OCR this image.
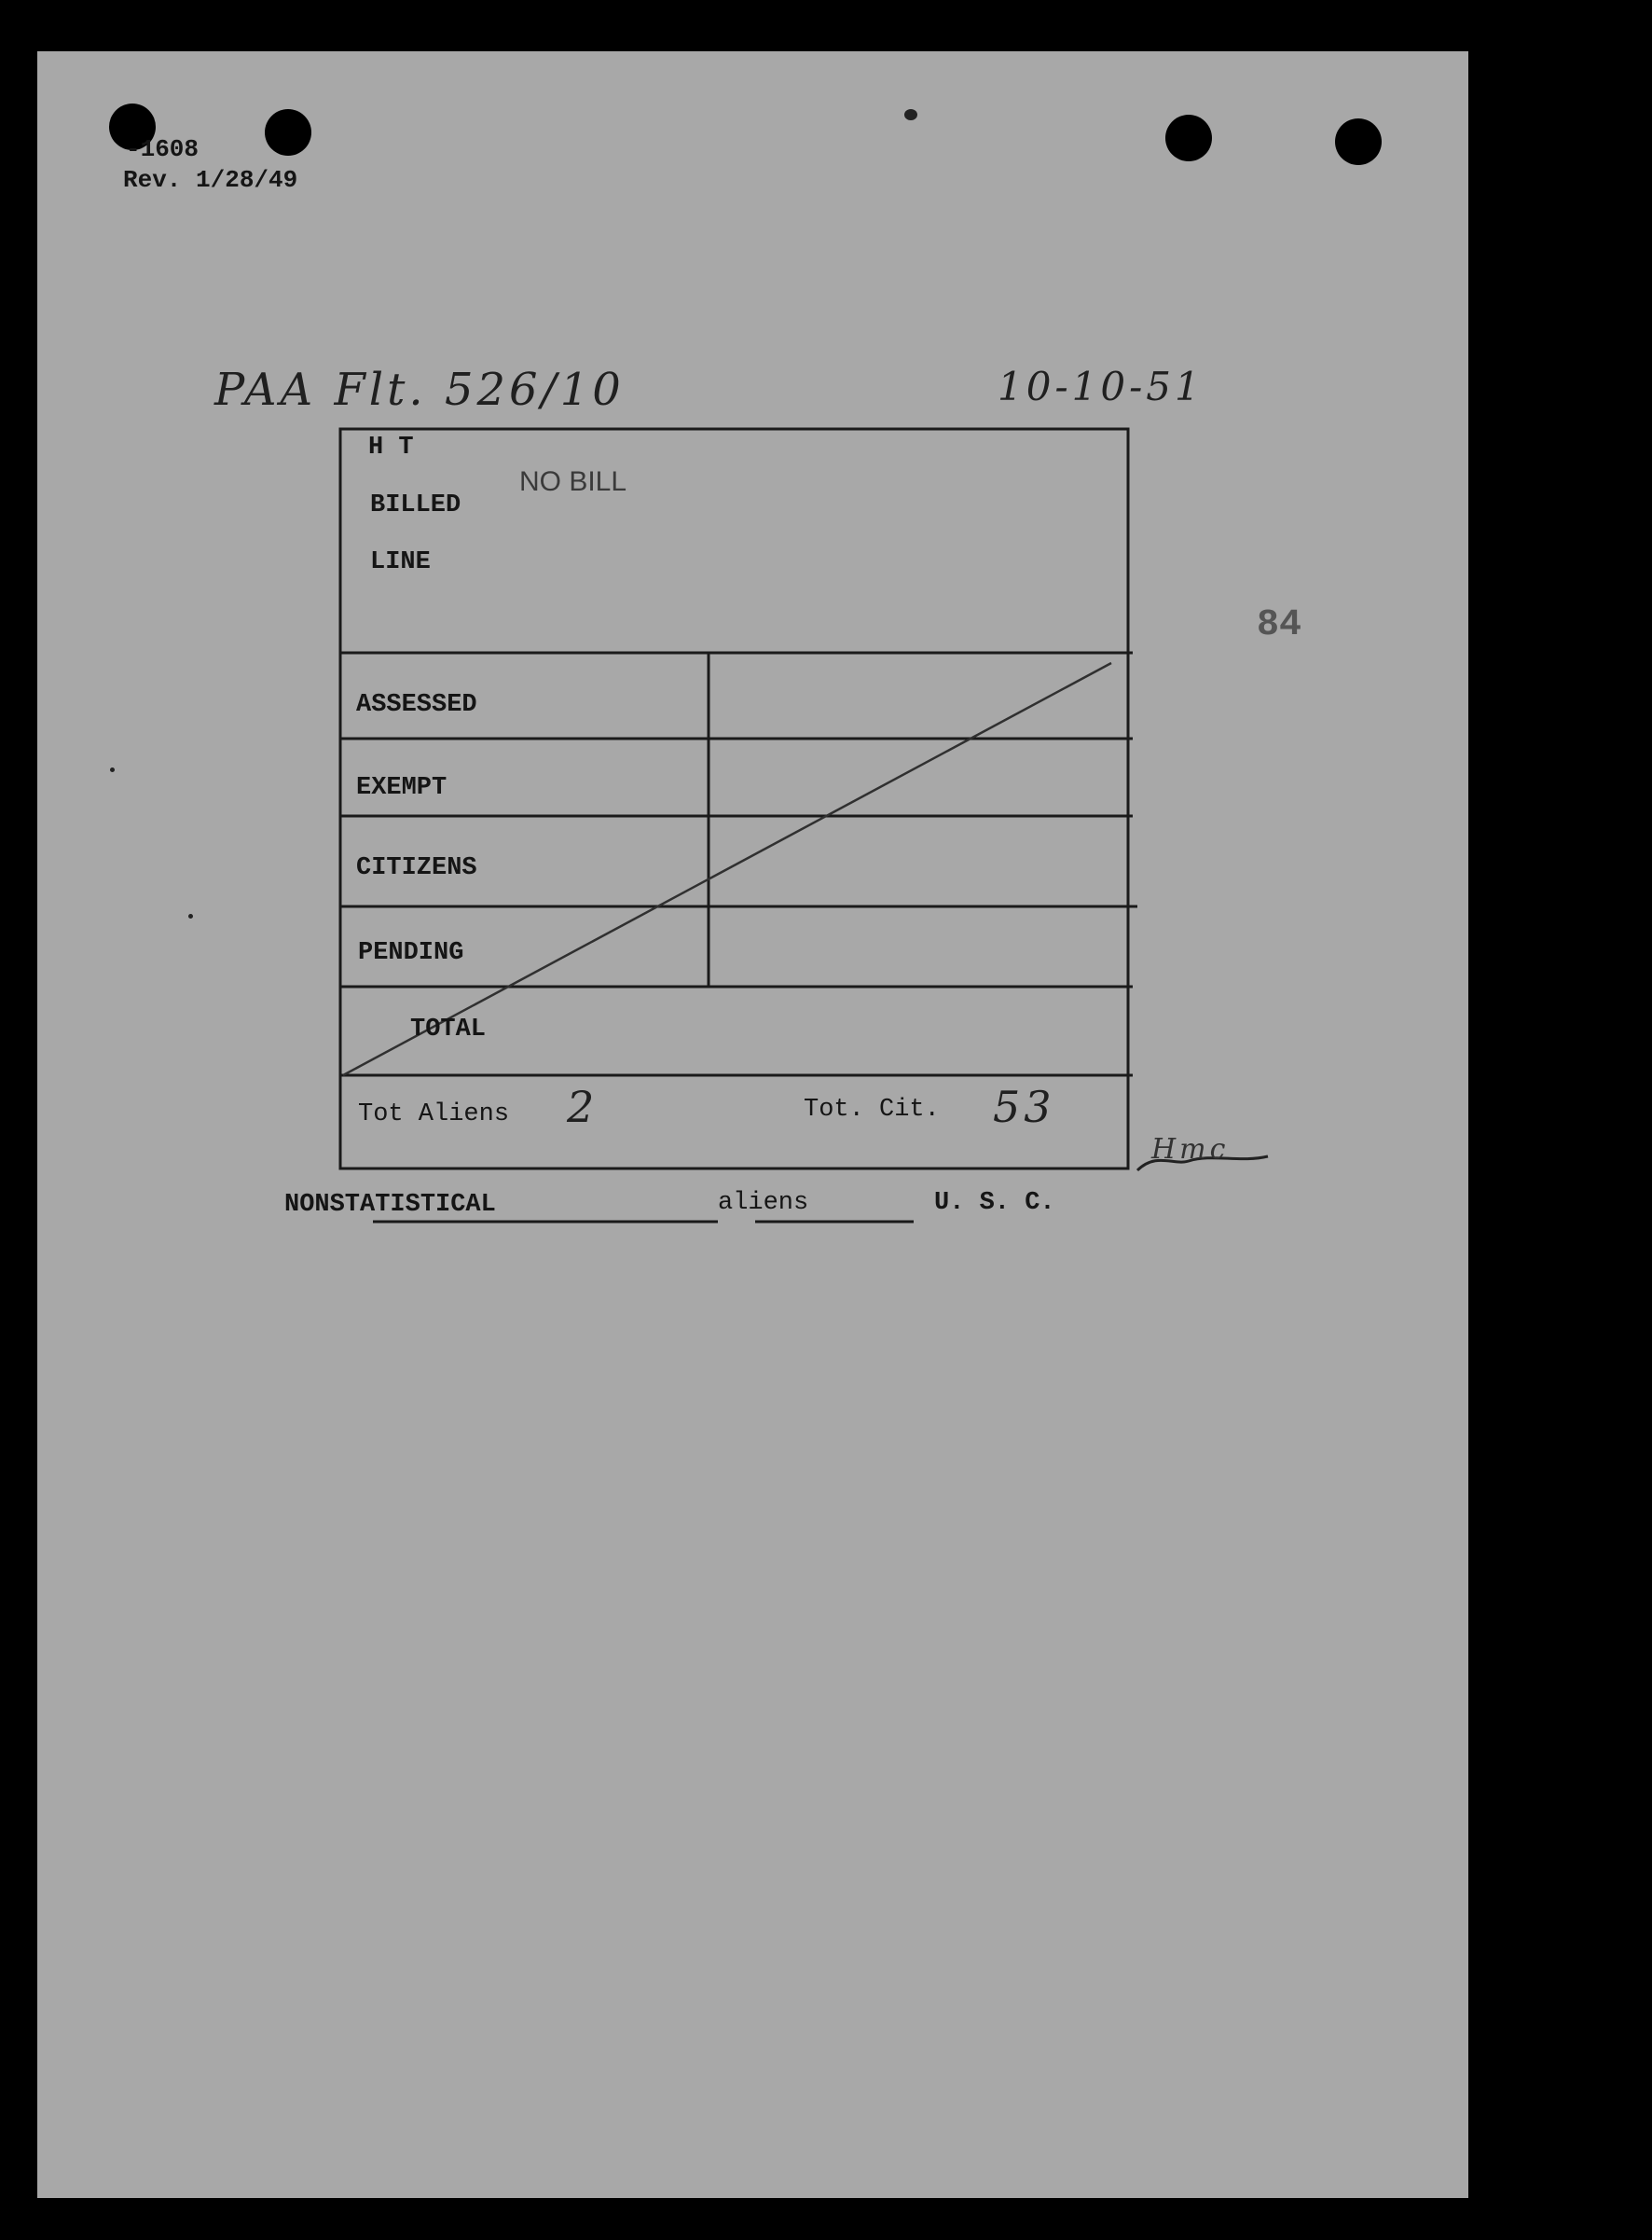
-1608
Rev. 1/28/49
PAA Flt. 526/10	10-10-51
84
H T
BILLED
LINE
NO BILL
ASSESSED
EXEMPT
CITIZENS
PENDING
TOTAL
Tot Aliens 2	Tot. Cit. 53
Hmc
NONSTATISTICAL	aliens	U. S. C.
